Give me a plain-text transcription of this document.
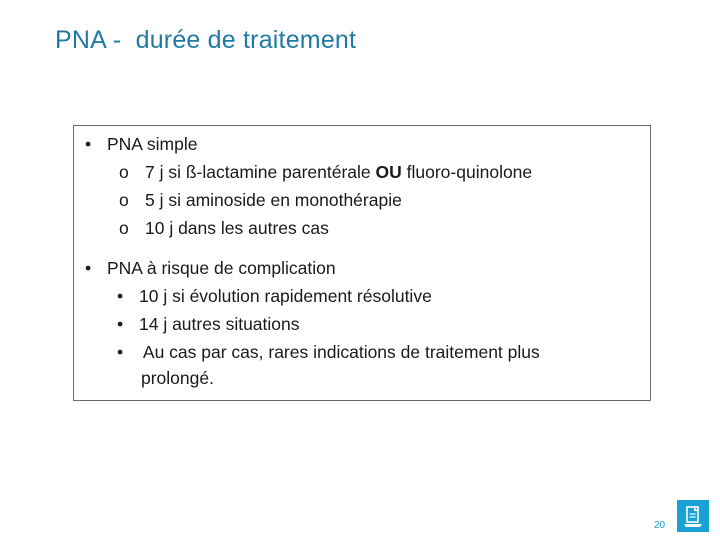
PNA -  durée de traitement
• PNA simple
o 7 j si ß-lactamine parentérale OU fluoro-quinolone
o 5 j si aminoside en monothérapie
o 10 j dans les autres cas
• PNA à risque de complication
• 10 j si évolution rapidement résolutive
• 14 j autres situations
• Au cas par cas, rares indications de traitement plus
prolongé.
20
